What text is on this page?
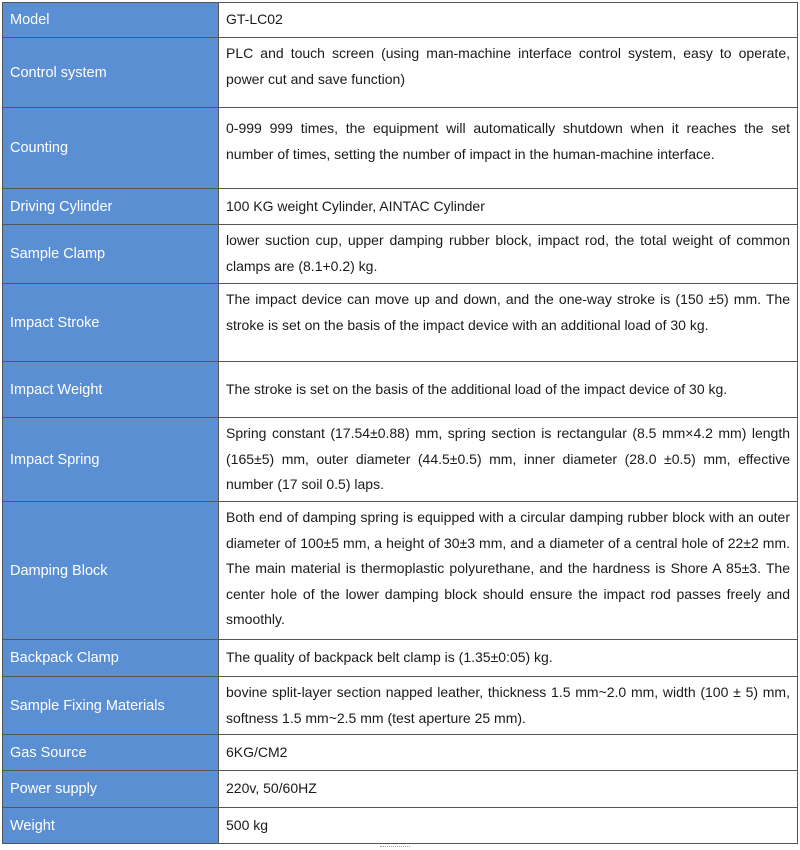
Model	GT-LC02
Control system	PLC and touch screen (using man-machine interface control system, easy to operate, power cut and save function)
Counting	0-999 999 times, the equipment will automatically shutdown when it reaches the set number of times, setting the number of impact in the human-machine interface.
Driving Cylinder	100 KG weight Cylinder, AINTAC Cylinder
Sample Clamp	lower suction cup, upper damping rubber block, impact rod, the total weight of common clamps are (8.1+0.2) kg.
Impact Stroke	The impact device can move up and down, and the one-way stroke is (150 ±5) mm. The stroke is set on the basis of the impact device with an additional load of 30 kg.
Impact Weight	The stroke is set on the basis of the additional load of the impact device of 30 kg.
Impact Spring	Spring constant (17.54±0.88) mm, spring section is rectangular (8.5 mm×4.2 mm) length (165±5) mm, outer diameter (44.5±0.5) mm, inner diameter (28.0 ±0.5) mm, effective number (17 soil 0.5) laps.
Damping Block	Both end of damping spring is equipped with a circular damping rubber block with an outer diameter of 100±5 mm, a height of 30±3 mm, and a diameter of a central hole of 22±2 mm. The main material is thermoplastic polyurethane, and the hardness is Shore A 85±3. The center hole of the lower damping block should ensure the impact rod passes freely and smoothly.
Backpack Clamp	The quality of backpack belt clamp is (1.35±0:05) kg.
Sample Fixing Materials	bovine split-layer section napped leather, thickness 1.5 mm~2.0 mm, width (100 ± 5) mm, softness 1.5 mm~2.5 mm (test aperture 25 mm).
Gas Source	6KG/CM2
Power supply	220v, 50/60HZ
Weight	500 kg
